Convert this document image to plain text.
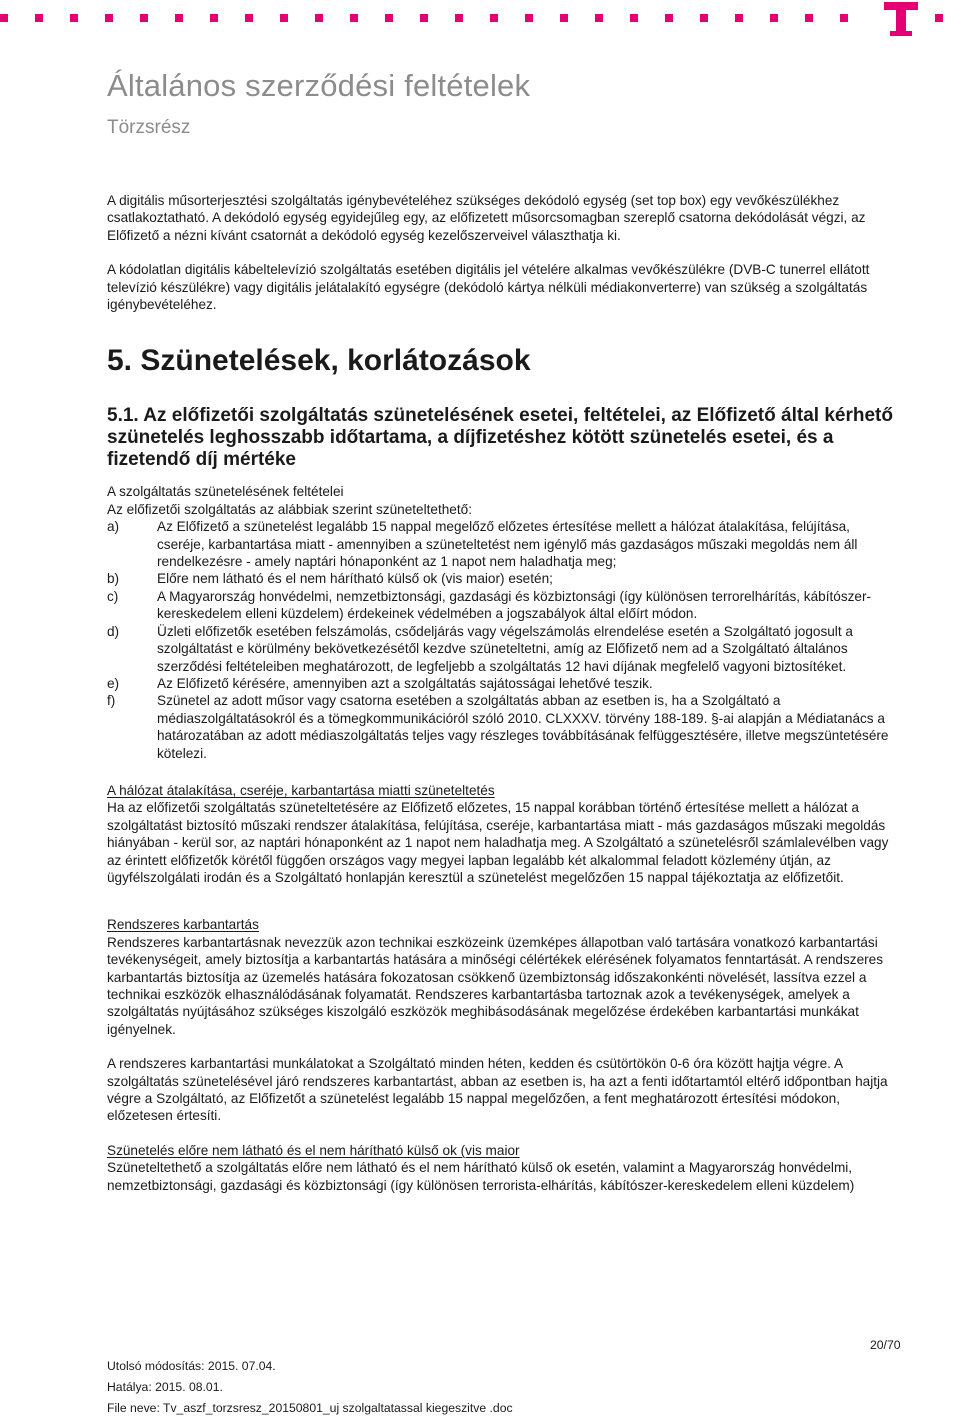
Általános szerződési feltételek
Törzsrész

A digitális műsorterjesztési szolgáltatás igénybevételéhez szükséges dekódoló egység (set top box) egy vevőkészülékhez csatlakoztatható. A dekódoló egység egyidejűleg egy, az előfizetett műsorcsomagban szereplő csatorna dekódolását végzi, az Előfizető a nézni kívánt csatornát a dekódoló egység kezelőszerveivel választhatja ki.

A kódolatlan digitális kábeltelevízió szolgáltatás esetében digitális jel vételére alkalmas vevőkészülékre (DVB-C tunerrel ellátott televízió készülékre) vagy digitális jelátalakító egységre (dekódoló kártya nélküli médiakonverterre) van szükség a szolgáltatás igénybevételéhez.

5. Szünetelések, korlátozások
5.1. Az előfizetői szolgáltatás szünetelésének esetei, feltételei, az Előfizető által kérhető szünetelés leghosszabb időtartama, a díjfizetéshez kötött szünetelés esetei, és a fizetendő díj mértéke

A szolgáltatás szünetelésének feltételei

Az előfizetői szolgáltatás az alábbiak szerint szüneteltethető:

a)	Az Előfizető a szünetelést legalább 15 nappal megelőző előzetes értesítése mellett a hálózat átalakítása, felújítása, cseréje, karbantartása miatt - amennyiben a szüneteltetést nem igénylő más gazdaságos műszaki megoldás nem áll rendelkezésre - amely naptári hónaponként az 1 napot nem haladhatja meg;
b)	Előre nem látható és el nem hárítható külső ok (vis maior) esetén;
c)	A Magyarország honvédelmi, nemzetbiztonsági, gazdasági és közbiztonsági (így különösen terrorelhárítás, kábítószer-kereskedelem elleni küzdelem) érdekeinek védelmében a jogszabályok által előírt módon.
d)	Üzleti előfizetők esetében felszámolás, csődeljárás vagy végelszámolás elrendelése esetén a Szolgáltató jogosult a szolgáltatást e körülmény bekövetkezésétől kezdve szüneteltetni, amíg az Előfizető nem ad a Szolgáltató általános szerződési feltételeiben meghatározott, de legfeljebb a szolgáltatás 12 havi díjának megfelelő vagyoni biztosítéket.
e)	Az Előfizető kérésére, amennyiben azt a szolgáltatás sajátosságai lehetővé teszik.
f)	Szünetel az adott műsor vagy csatorna esetében a szolgáltatás abban az esetben is, ha a Szolgáltató a médiaszolgáltatásokról és a tömegkommunikációról szóló 2010. CLXXXV. törvény 188-189. §-ai alapján a Médiatanács a határozatában az adott médiaszolgáltatás teljes vagy részleges továbbításának felfüggesztésére, illetve megszüntetésére kötelezi.

A hálózat átalakítása, cseréje, karbantartása miatti szüneteltetés

Ha az előfizetői szolgáltatás szüneteltetésére az Előfizető előzetes, 15 nappal korábban történő értesítése mellett a hálózat a szolgáltatást biztosító műszaki rendszer átalakítása, felújítása, cseréje, karbantartása miatt - más gazdaságos műszaki megoldás hiányában - kerül sor, az naptári hónaponként az 1 napot nem haladhatja meg. A Szolgáltató a szünetelésről számlalevélben vagy az érintett előfizetők körétől függően országos vagy megyei lapban legalább két alkalommal feladott közlemény útján, az ügyfélszolgálati irodán és a Szolgáltató honlapján keresztül a szünetelést megelőzően 15 nappal tájékoztatja az előfizetőit.

Rendszeres karbantartás

Rendszeres karbantartásnak nevezzük azon technikai eszközeink üzemképes állapotban való tartására vonatkozó karbantartási tevékenységeit, amely biztosítja a karbantartás hatására a minőségi célértékek elérésének folyamatos fenntartását. A rendszeres karbantartás biztosítja az üzemelés hatására fokozatosan csökkenő üzembiztonság időszakonkénti növelését, lassítva ezzel a technikai eszközök elhasználódásának folyamatát. Rendszeres karbantartásba tartoznak azok a tevékenységek, amelyek a szolgáltatás nyújtásához szükséges kiszolgáló eszközök meghibásodásának megelőzése érdekében karbantartási munkákat igényelnek.

A rendszeres karbantartási munkálatokat a Szolgáltató minden héten, kedden és csütörtökön 0-6 óra között hajtja végre. A szolgáltatás szünetelésével járó rendszeres karbantartást, abban az esetben is, ha azt a fenti időtartamtól eltérő időpontban hajtja végre a Szolgáltató, az Előfizetőt a szünetelést legalább 15 nappal megelőzően, a fent meghatározott értesítési módokon, előzetesen értesíti.

Szünetelés előre nem látható és el nem hárítható külső ok (vis maior

Szüneteltethető a szolgáltatás előre nem látható és el nem hárítható külső ok esetén, valamint a Magyarország honvédelmi, nemzetbiztonsági, gazdasági és közbiztonsági (így különösen terrorista-elhárítás, kábítószer-kereskedelem elleni küzdelem)

20/70
Utolsó módosítás: 2015. 07.04.
Hatálya: 2015. 08.01.
File neve: Tv_aszf_torzsresz_20150801_uj szolgaltatassal kiegeszitve .doc
